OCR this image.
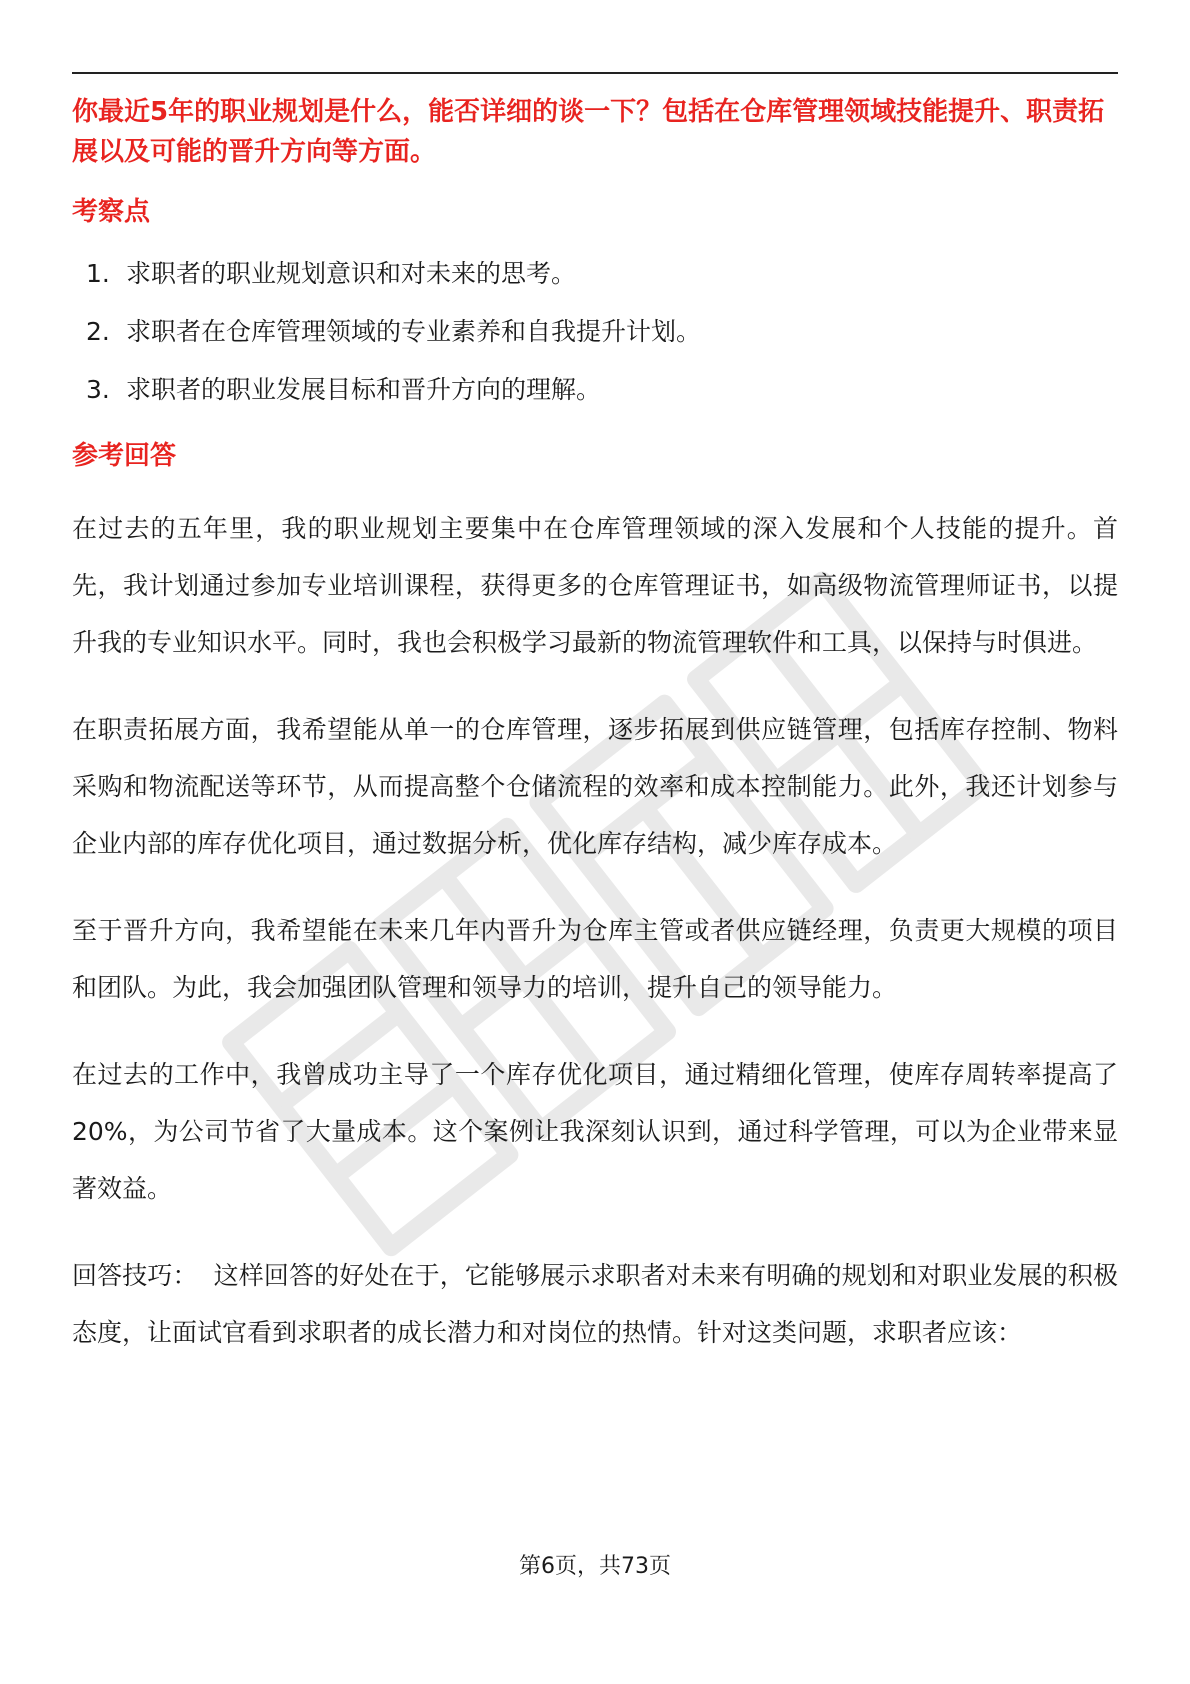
你最近5年的职业规划是什么，能否详细的谈一下？包括在仓库管理领域技能提升、职责拓展以及可能的晋升方向等方面。
考察点
1. 求职者的职业规划意识和对未来的思考。
2. 求职者在仓库管理领域的专业素养和自我提升计划。
3. 求职者的职业发展目标和晋升方向的理解。
参考回答

在过去的五年里，我的职业规划主要集中在仓库管理领域的深入发展和个人技能的提升。首先，我计划通过参加专业培训课程，获得更多的仓库管理证书，如高级物流管理师证书，以提升我的专业知识水平。同时，我也会积极学习最新的物流管理软件和工具，以保持与时俱进。

在职责拓展方面，我希望能从单一的仓库管理，逐步拓展到供应链管理，包括库存控制、物料采购和物流配送等环节，从而提高整个仓储流程的效率和成本控制能力。此外，我还计划参与企业内部的库存优化项目，通过数据分析，优化库存结构，减少库存成本。

至于晋升方向，我希望能在未来几年内晋升为仓库主管或者供应链经理，负责更大规模的项目和团队。为此，我会加强团队管理和领导力的培训，提升自己的领导能力。

在过去的工作中，我曾成功主导了一个库存优化项目，通过精细化管理，使库存周转率提高了20%，为公司节省了大量成本。这个案例让我深刻认识到，通过科学管理，可以为企业带来显著效益。

回答技巧： 这样回答的好处在于，它能够展示求职者对未来有明确的规划和对职业发展的积极态度，让面试官看到求职者的成长潜力和对岗位的热情。针对这类问题，求职者应该：

第6页，共73页
